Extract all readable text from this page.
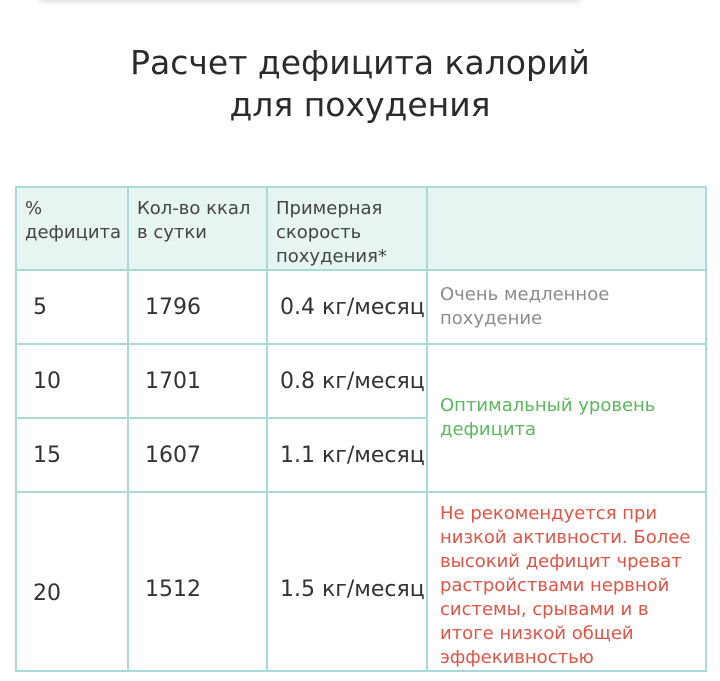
Расчет дефицита калорий
для похудения
% дефицита	Кол-во ккал в сутки	Примерная скорость похудения*	
5	1796	0.4 кг/месяц	Очень медленное похудение
10	1701	0.8 кг/месяц	Оптимальный уровень дефицита
15	1607	1.1 кг/месяц	
20	1512	1.5 кг/месяц	Не рекомендуется при низкой активности. Более высокий дефицит чреват растройствами нервной системы, срывами и в итоге низкой общей эффекивностью
